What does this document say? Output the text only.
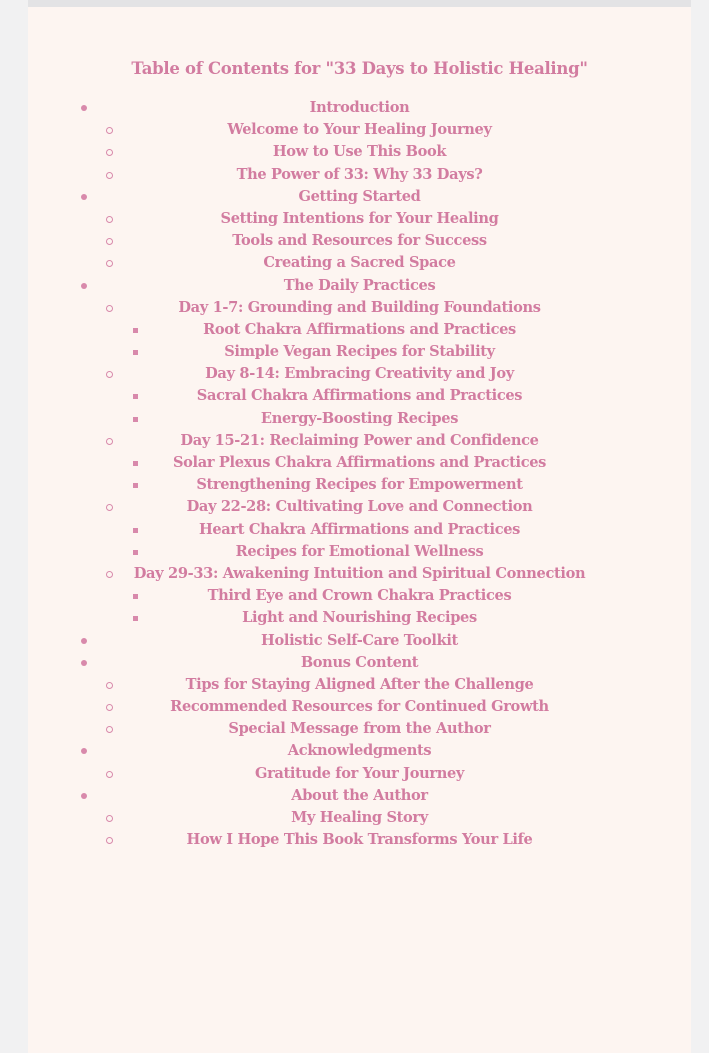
Table of Contents for "33 Days to Holistic Healing"
Introduction
Welcome to Your Healing Journey
How to Use This Book
The Power of 33: Why 33 Days?
Getting Started
Setting Intentions for Your Healing
Tools and Resources for Success
Creating a Sacred Space
The Daily Practices
Day 1-7: Grounding and Building Foundations
Root Chakra Affirmations and Practices
Simple Vegan Recipes for Stability
Day 8-14: Embracing Creativity and Joy
Sacral Chakra Affirmations and Practices
Energy-Boosting Recipes
Day 15-21: Reclaiming Power and Confidence
Solar Plexus Chakra Affirmations and Practices
Strengthening Recipes for Empowerment
Day 22-28: Cultivating Love and Connection
Heart Chakra Affirmations and Practices
Recipes for Emotional Wellness
Day 29-33: Awakening Intuition and Spiritual Connection
Third Eye and Crown Chakra Practices
Light and Nourishing Recipes
Holistic Self-Care Toolkit
Bonus Content
Tips for Staying Aligned After the Challenge
Recommended Resources for Continued Growth
Special Message from the Author
Acknowledgments
Gratitude for Your Journey
About the Author
My Healing Story
How I Hope This Book Transforms Your Life
